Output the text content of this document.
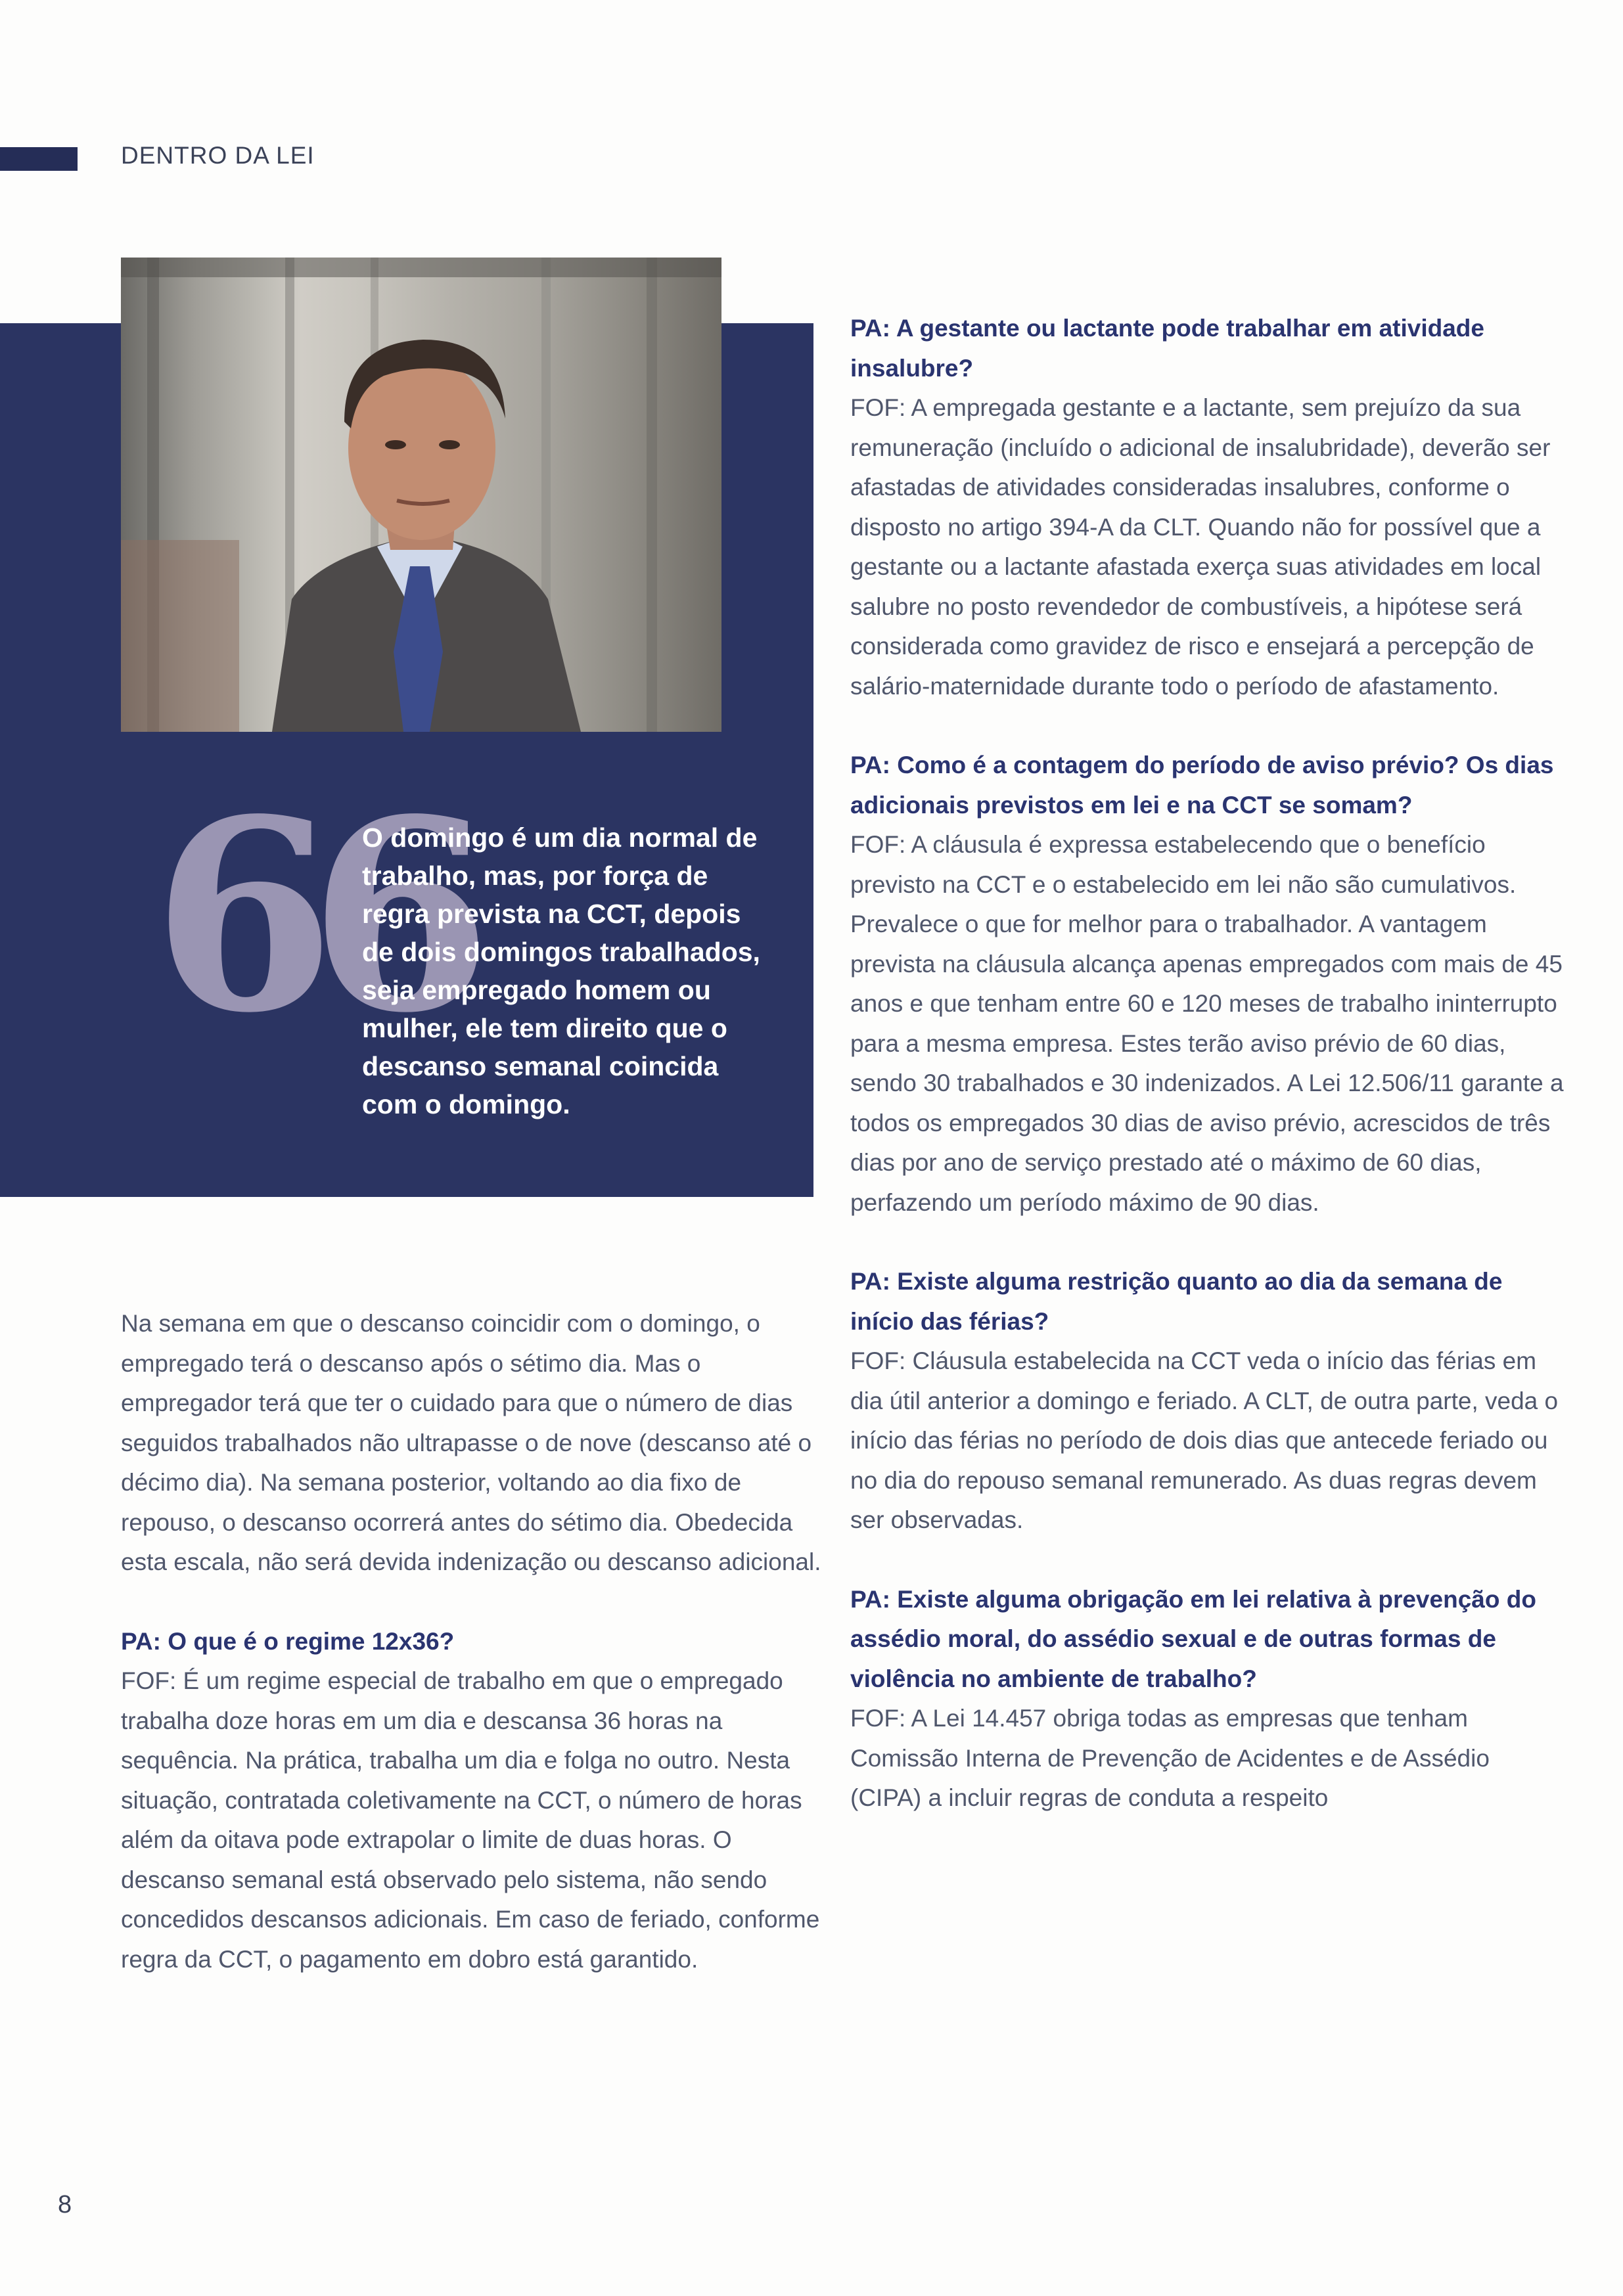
DENTRO DA LEI
66
O domingo é um dia normal de trabalho, mas, por força de regra prevista na CCT, depois de dois domingos trabalhados, seja empregado homem ou mulher, ele tem direito que o descanso semanal coincida com o domingo.

Na semana em que o descanso coincidir com o domingo, o empregado terá o descanso após o sétimo dia. Mas o empregador terá que ter o cuidado para que o número de dias seguidos trabalhados não ultrapasse o de nove (descanso até o décimo dia). Na semana posterior, voltando ao dia fixo de repouso, o descanso ocorrerá antes do sétimo dia. Obedecida esta escala, não será devida indenização ou descanso adicional.

PA: O que é o regime 12x36?

FOF: É um regime especial de trabalho em que o empregado trabalha doze horas em um dia e descansa 36 horas na sequência. Na prática, trabalha um dia e folga no outro. Nesta situação, contratada coletivamente na CCT, o número de horas além da oitava pode extrapolar o limite de duas horas. O descanso semanal está observado pelo sistema, não sendo concedidos descansos adicionais. Em caso de feriado, conforme regra da CCT, o pagamento em dobro está garantido.

PA: A gestante ou lactante pode trabalhar em atividade insalubre?

FOF: A empregada gestante e a lactante, sem prejuízo da sua remuneração (incluído o adicional de insalubridade), deverão ser afastadas de atividades consideradas insalubres, conforme o disposto no artigo 394-A da CLT. Quando não for possível que a gestante ou a lactante afastada exerça suas atividades em local salubre no posto revendedor de combustíveis, a hipótese será considerada como gravidez de risco e ensejará a percepção de salário-maternidade durante todo o período de afastamento.

PA: Como é a contagem do período de aviso prévio? Os dias adicionais previstos em lei e na CCT se somam?

FOF: A cláusula é expressa estabelecendo que o benefício previsto na CCT e o estabelecido em lei não são cumulativos. Prevalece o que for melhor para o trabalhador. A vantagem prevista na cláusula alcança apenas empregados com mais de 45 anos e que tenham entre 60 e 120 meses de trabalho ininterrupto para a mesma empresa. Estes terão aviso prévio de 60 dias, sendo 30 trabalhados e 30 indenizados. A Lei 12.506/11 garante a todos os empregados 30 dias de aviso prévio, acrescidos de três dias por ano de serviço prestado até o máximo de 60 dias, perfazendo um período máximo de 90 dias.

PA: Existe alguma restrição quanto ao dia da semana de início das férias?

FOF: Cláusula estabelecida na CCT veda o início das férias em dia útil anterior a domingo e feriado. A CLT, de outra parte, veda o início das férias no período de dois dias que antecede feriado ou no dia do repouso semanal remunerado. As duas regras devem ser observadas.

PA: Existe alguma obrigação em lei relativa à prevenção do assédio moral, do assédio sexual e de outras formas de violência no ambiente de trabalho?

FOF: A Lei 14.457 obriga todas as empresas que tenham Comissão Interna de Prevenção de Acidentes e de Assédio (CIPA) a incluir regras de conduta a respeito

8
